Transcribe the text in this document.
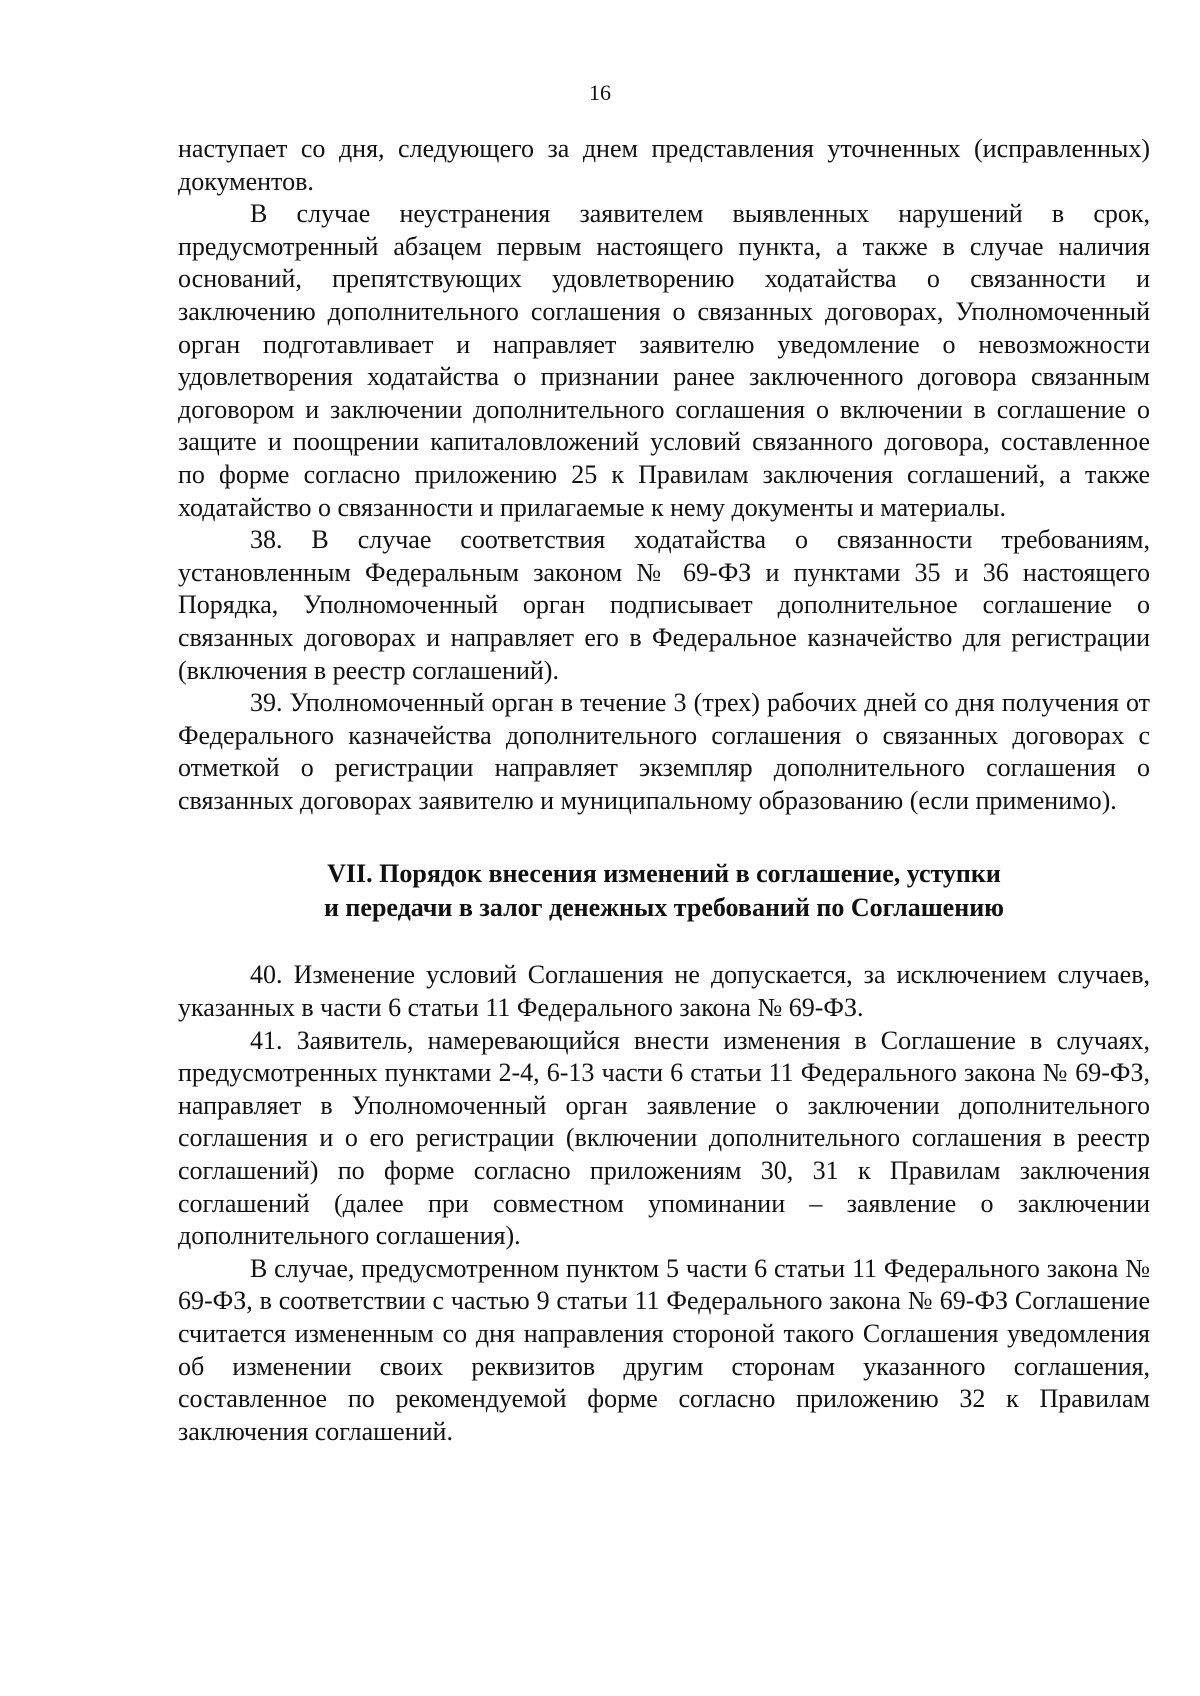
16

наступает со дня, следующего за днем представления уточненных (исправленных) документов.

В случае неустранения заявителем выявленных нарушений в срок, предусмотренный абзацем первым настоящего пункта, а также в случае наличия оснований, препятствующих удовлетворению ходатайства о связанности и заключению дополнительного соглашения о связанных договорах, Уполномоченный орган подготавливает и направляет заявителю уведомление о невозможности удовлетворения ходатайства о признании ранее заключенного договора связанным договором и заключении дополнительного соглашения о включении в соглашение о защите и поощрении капиталовложений условий связанного договора, составленное по форме согласно приложению 25 к Правилам заключения соглашений, а также ходатайство о связанности и прилагаемые к нему документы и материалы.

38. В случае соответствия ходатайства о связанности требованиям, установленным Федеральным законом № 69-ФЗ и пунктами 35 и 36 настоящего Порядка, Уполномоченный орган подписывает дополнительное соглашение о связанных договорах и направляет его в Федеральное казначейство для регистрации (включения в реестр соглашений).

39. Уполномоченный орган в течение 3 (трех) рабочих дней со дня получения от Федерального казначейства дополнительного соглашения о связанных договорах с отметкой о регистрации направляет экземпляр дополнительного соглашения о связанных договорах заявителю и муниципальному образованию (если применимо).

VII. Порядок внесения изменений в соглашение, уступки
и передачи в залог денежных требований по Соглашению

40. Изменение условий Соглашения не допускается, за исключением случаев, указанных в части 6 статьи 11 Федерального закона № 69-ФЗ.

41. Заявитель, намеревающийся внести изменения в Соглашение в случаях, предусмотренных пунктами 2-4, 6-13 части 6 статьи 11 Федерального закона № 69-ФЗ, направляет в Уполномоченный орган заявление о заключении дополнительного соглашения и о его регистрации (включении дополнительного соглашения в реестр соглашений) по форме согласно приложениям 30, 31 к Правилам заключения соглашений (далее при совместном упоминании – заявление о заключении дополнительного соглашения).

В случае, предусмотренном пунктом 5 части 6 статьи 11 Федерального закона № 69-ФЗ, в соответствии с частью 9 статьи 11 Федерального закона № 69-ФЗ Соглашение считается измененным со дня направления стороной такого Соглашения уведомления об изменении своих реквизитов другим сторонам указанного соглашения, составленное по рекомендуемой форме согласно приложению 32 к Правилам заключения соглашений.
